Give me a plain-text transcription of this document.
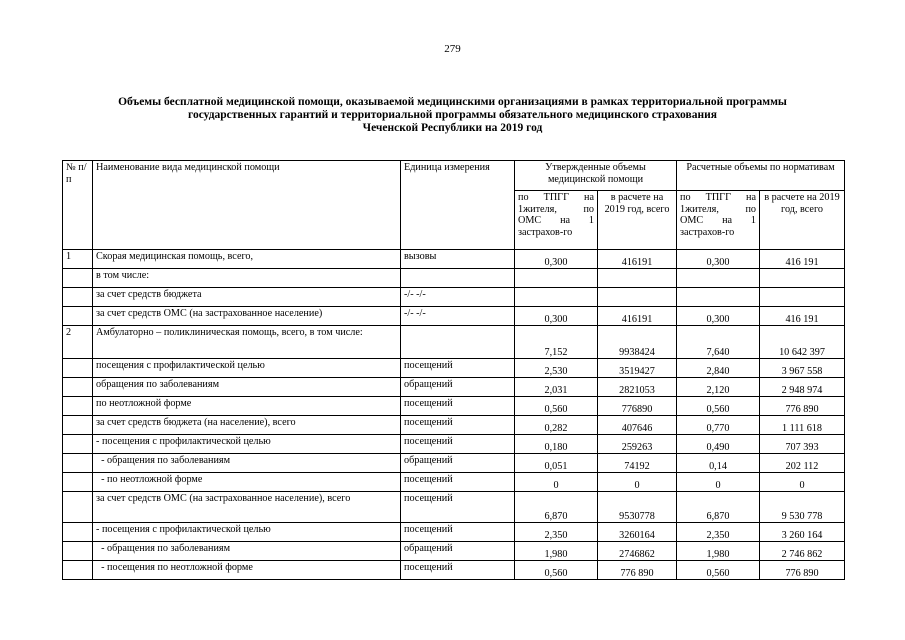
279
Объемы бесплатной медицинской помощи, оказываемой медицинскими организациями в рамках территориальной программы
государственных гарантий и территориальной программы обязательного медицинского страхования
Чеченской Республики на 2019 год
№ п/п	Наименование вида медицинской помощи	Единица измерения	Утвержденные объемы медицинской помощи		Расчетные объемы по нормативам	
			по ТПГГ на 1жителя, по ОМС на 1 застрахов-го	в расчете на 2019 год, всего	по ТПГГ на 1жителя, по ОМС на 1 застрахов-го	в расчете на 2019 год, всего
1	Скорая медицинская помощь, всего,	вызовы	0,300	416191	0,300	416 191
	в том числе:					
	за счет средств бюджета	-/- -/-				
	за счет средств ОМС (на застрахованное население)	-/- -/-	0,300	416191	0,300	416 191
2	Амбулаторно – поликлиническая помощь, всего, в том числе:		7,152	9938424	7,640	10 642 397
	посещения с профилактической целью	посещений	2,530	3519427	2,840	3 967 558
	обращения по заболеваниям	обращений	2,031	2821053	2,120	2 948 974
	по неотложной форме	посещений	0,560	776890	0,560	776 890
	за счет средств бюджета (на население), всего	посещений	0,282	407646	0,770	1 111 618
	- посещения с профилактической целью	посещений	0,180	259263	0,490	707 393
	- обращения по заболеваниям	обращений	0,051	74192	0,14	202 112
	- по неотложной форме	посещений	0	0	0	0
	за счет средств ОМС (на застрахованное население), всего	посещений	6,870	9530778	6,870	9 530 778
	- посещения с профилактической целью	посещений	2,350	3260164	2,350	3 260 164
	- обращения по заболеваниям	обращений	1,980	2746862	1,980	2 746 862
	- посещения по неотложной форме	посещений	0,560	776 890	0,560	776 890
